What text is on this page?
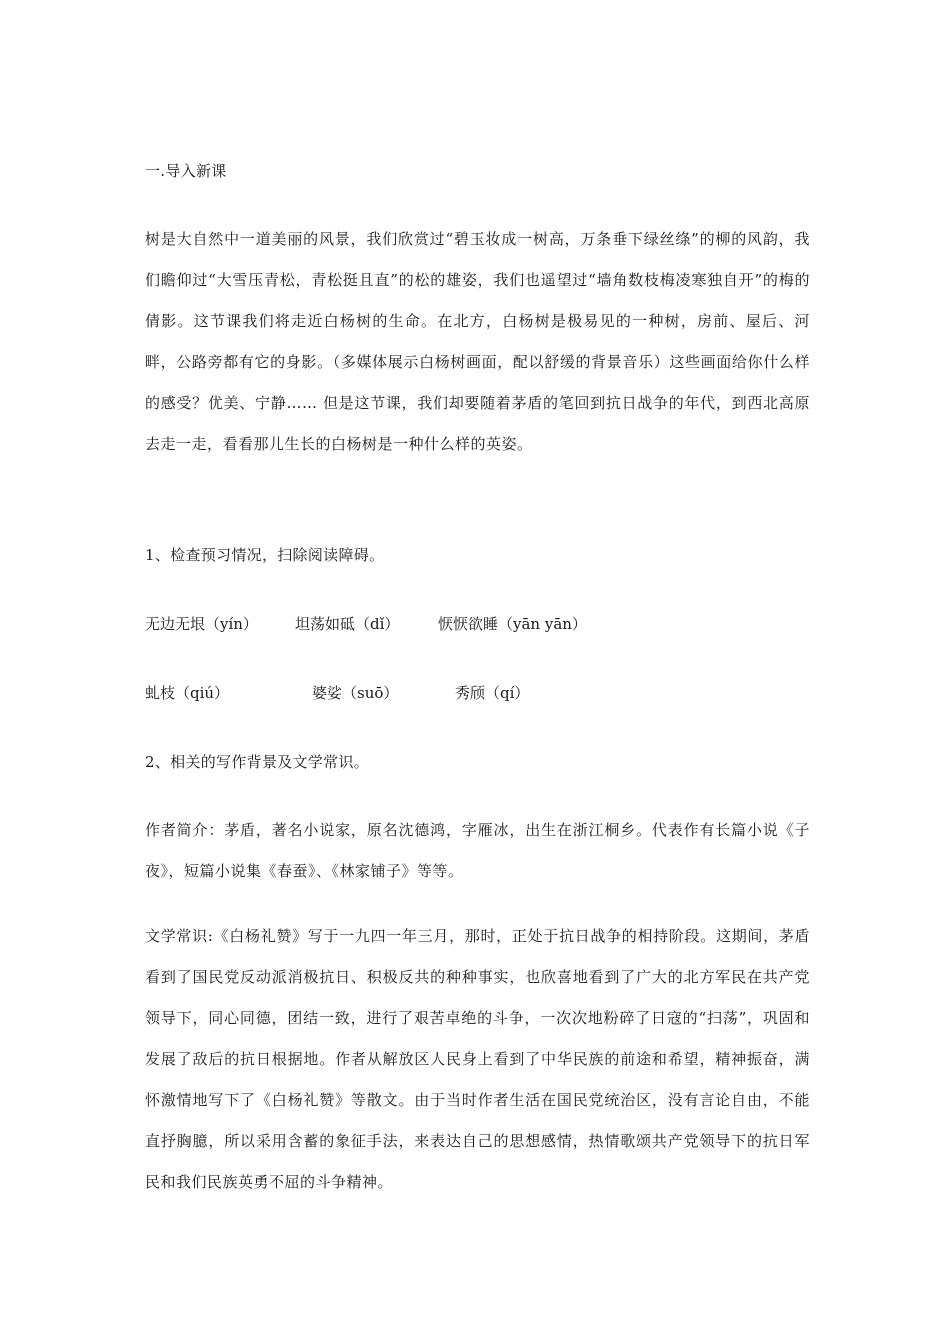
一.导入新课
树是大自然中一道美丽的风景，我们欣赏过“碧玉妆成一树高，万条垂下绿丝绦”的柳的风韵，我们瞻仰过“大雪压青松，青松挺且直”的松的雄姿，我们也遥望过“墙角数枝梅凌寒独自开”的梅的倩影。这节课我们将走近白杨树的生命。在北方，白杨树是极易见的一种树，房前、屋后、河畔，公路旁都有它的身影。（多媒体展示白杨树画面，配以舒缓的背景音乐）这些画面给你什么样的感受？优美、宁静…… 但是这节课，我们却要随着茅盾的笔回到抗日战争的年代，到西北高原去走一走，看看那儿生长的白杨树是一种什么样的英姿。
1、检查预习情况，扫除阅读障碍。
无边无垠（yín） 坦荡如砥（dǐ）	恹恹欲睡（yān yān）
虬枝（qiú）	婆娑（suō）	秀颀（qí）
2、相关的写作背景及文学常识。
作者简介：茅盾，著名小说家，原名沈德鸿，字雁冰，出生在浙江桐乡。代表作有长篇小说《子夜》，短篇小说集《春蚕》、《林家铺子》等等。
文学常识:《白杨礼赞》写于一九四一年三月，那时，正处于抗日战争的相持阶段。这期间，茅盾看到了国民党反动派消极抗日、积极反共的种种事实，也欣喜地看到了广大的北方军民在共产党领导下，同心同德，团结一致，进行了艰苦卓绝的斗争，一次次地粉碎了日寇的“扫荡”，巩固和发展了敌后的抗日根据地。作者从解放区人民身上看到了中华民族的前途和希望，精神振奋，满怀激情地写下了《白杨礼赞》等散文。由于当时作者生活在国民党统治区，没有言论自由，不能直抒胸臆，所以采用含蓄的象征手法，来表达自己的思想感情，热情歌颂共产党领导下的抗日军民和我们民族英勇不屈的斗争精神。
